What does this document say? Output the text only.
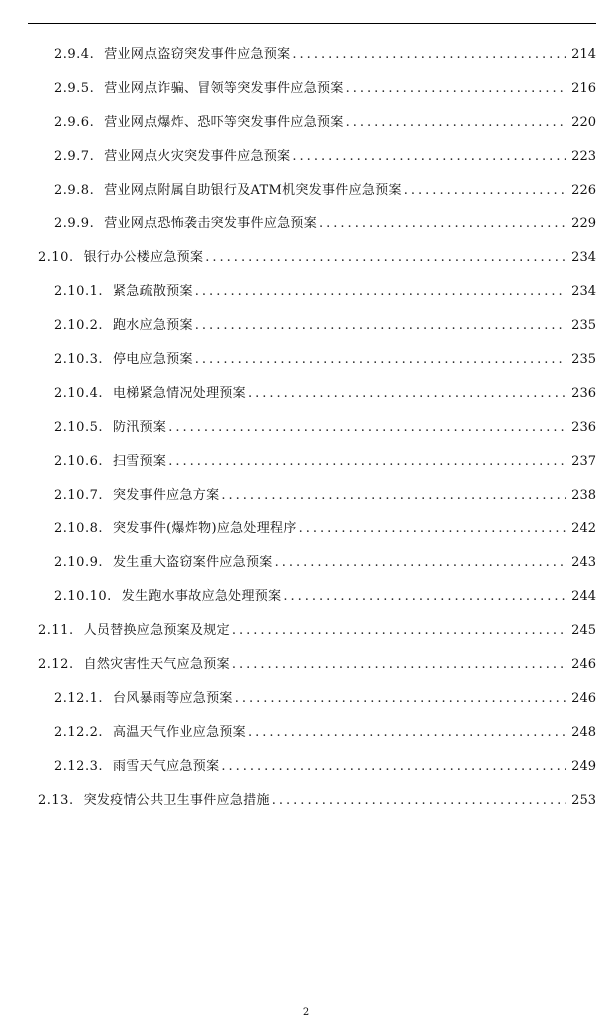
2.9.4. 营业网点盗窃突发事件应急预案 .....	214
2.9.5. 营业网点诈骗、冒领等突发事件应急预案 .....	216
2.9.6. 营业网点爆炸、恐吓等突发事件应急预案 .....	220
2.9.7. 营业网点火灾突发事件应急预案 .....	223
2.9.8. 营业网点附属自助银行及ATM机突发事件应急预案 .....	226
2.9.9. 营业网点恐怖袭击突发事件应急预案 .....	229
2.10. 银行办公楼应急预案 .....	234
2.10.1. 紧急疏散预案 .....	234
2.10.2. 跑水应急预案 .....	235
2.10.3. 停电应急预案 .....	235
2.10.4. 电梯紧急情况处理预案 .....	236
2.10.5. 防汛预案 .....	236
2.10.6. 扫雪预案 .....	237
2.10.7. 突发事件应急方案 .....	238
2.10.8. 突发事件(爆炸物)应急处理程序 .....	242
2.10.9. 发生重大盗窃案件应急预案 .....	243
2.10.10. 发生跑水事故应急处理预案 .....	244
2.11. 人员替换应急预案及规定 .....	245
2.12. 自然灾害性天气应急预案 .....	246
2.12.1. 台风暴雨等应急预案 .....	246
2.12.2. 高温天气作业应急预案 .....	248
2.12.3. 雨雪天气应急预案 .....	249
2.13. 突发疫情公共卫生事件应急措施 .....	253
2
